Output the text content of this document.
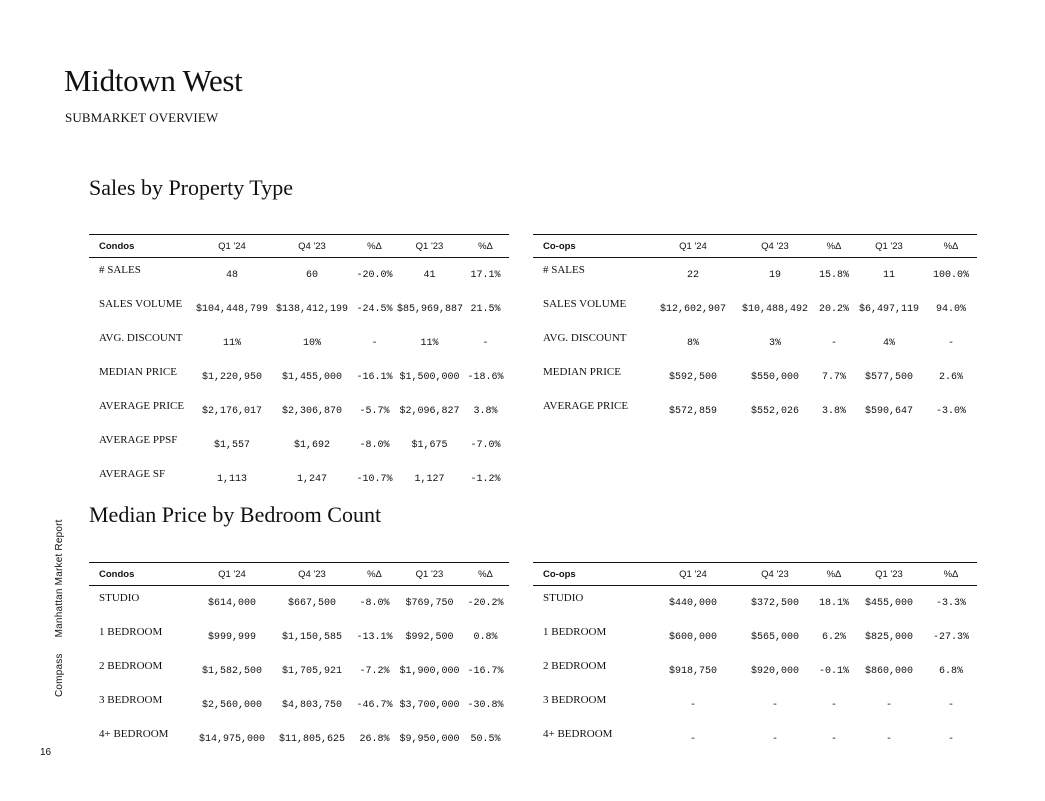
Midtown West
SUBMARKET OVERVIEW
Sales by Property Type
Condos	Q1 '24	Q4 '23	%Δ	Q1 '23	%Δ
# SALES	48	60	-20.0%	41	17.1%
SALES VOLUME	$104,448,799	$138,412,199	-24.5%	$85,969,887	21.5%
AVG. DISCOUNT	11%	10%	-	11%	-
MEDIAN PRICE	$1,220,950	$1,455,000	-16.1%	$1,500,000	-18.6%
AVERAGE PRICE	$2,176,017	$2,306,870	-5.7%	$2,096,827	3.8%
AVERAGE PPSF	$1,557	$1,692	-8.0%	$1,675	-7.0%
AVERAGE SF	1,113	1,247	-10.7%	1,127	-1.2%
Co-ops	Q1 '24	Q4 '23	%Δ	Q1 '23	%Δ
# SALES	22	19	15.8%	11	100.0%
SALES VOLUME	$12,602,907	$10,488,492	20.2%	$6,497,119	94.0%
AVG. DISCOUNT	8%	3%	-	4%	-
MEDIAN PRICE	$592,500	$550,000	7.7%	$577,500	2.6%
AVERAGE PRICE	$572,859	$552,026	3.8%	$590,647	-3.0%
Median Price by Bedroom Count
Condos	Q1 '24	Q4 '23	%Δ	Q1 '23	%Δ
STUDIO	$614,000	$667,500	-8.0%	$769,750	-20.2%
1 BEDROOM	$999,999	$1,150,585	-13.1%	$992,500	0.8%
2 BEDROOM	$1,582,500	$1,705,921	-7.2%	$1,900,000	-16.7%
3 BEDROOM	$2,560,000	$4,803,750	-46.7%	$3,700,000	-30.8%
4+ BEDROOM	$14,975,000	$11,805,625	26.8%	$9,950,000	50.5%
Co-ops	Q1 '24	Q4 '23	%Δ	Q1 '23	%Δ
STUDIO	$440,000	$372,500	18.1%	$455,000	-3.3%
1 BEDROOM	$600,000	$565,000	6.2%	$825,000	-27.3%
2 BEDROOM	$918,750	$920,000	-0.1%	$860,000	6.8%
3 BEDROOM	-	-	-	-	-
4+ BEDROOM	-	-	-	-	-
CompassManhattan Market Report
16
